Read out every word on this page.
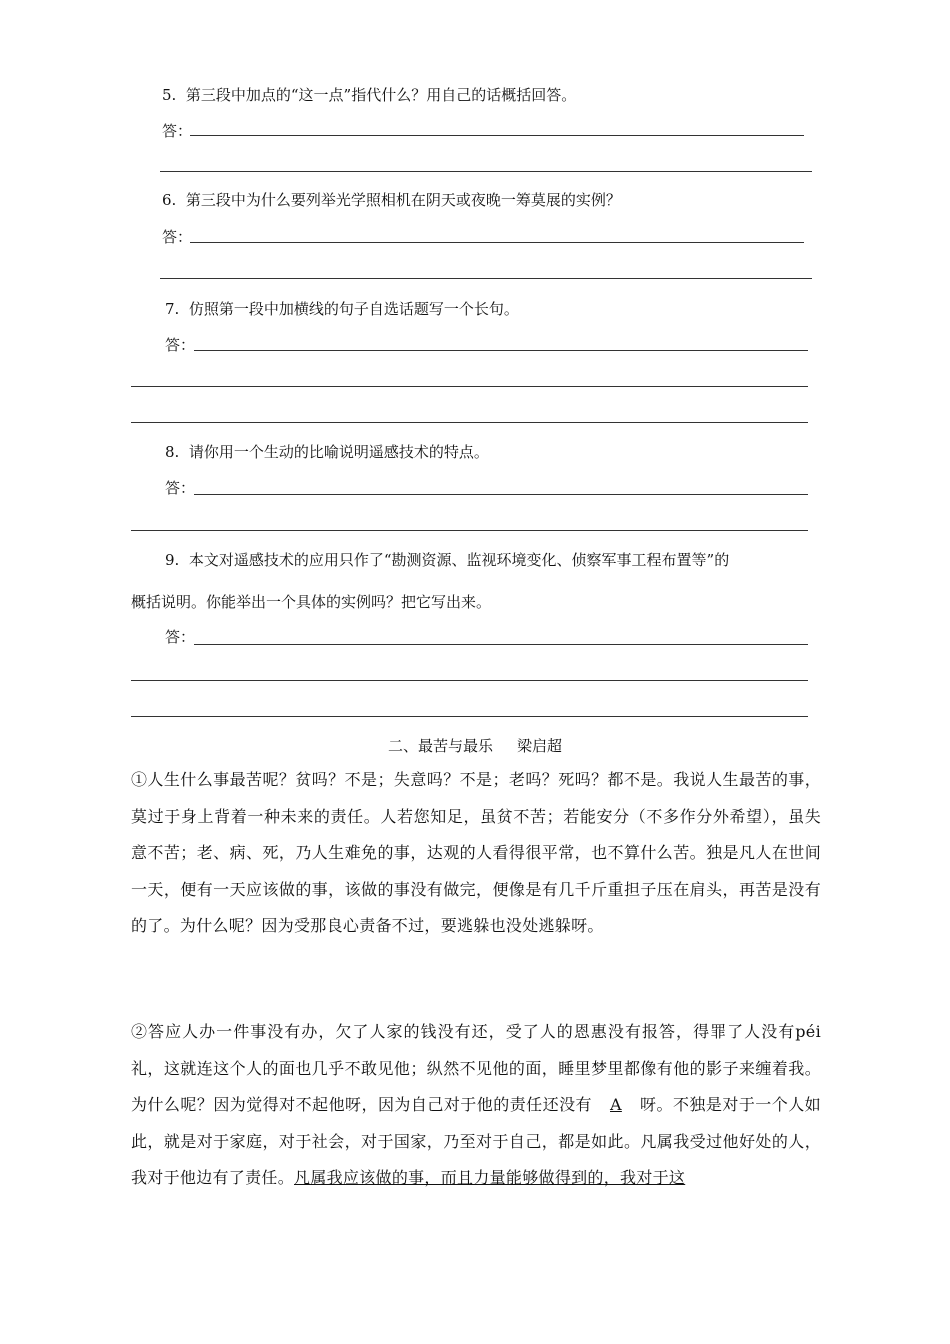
5. 第三段中加点的“这一点”指代什么？用自己的话概括回答。
答：
6. 第三段中为什么要列举光学照相机在阴天或夜晚一筹莫展的实例？
答：
7. 仿照第一段中加横线的句子自选话题写一个长句。
答：
8. 请你用一个生动的比喻说明遥感技术的特点。
答：
9. 本文对遥感技术的应用只作了“勘测资源、监视环境变化、侦察军事工程布置等”的
概括说明。你能举出一个具体的实例吗？把它写出来。
答：
二、最苦与最乐 梁启超
①人生什么事最苦呢？贫吗？不是；失意吗？不是；老吗？死吗？都不是。我说人生最苦的事，莫过于身上背着一种未来的责任。人若您知足，虽贫不苦；若能安分（不多作分外希望），虽失意不苦；老、病、死，乃人生难免的事，达观的人看得很平常，也不算什么苦。独是凡人在世间一天，便有一天应该做的事，该做的事没有做完，便像是有几千斤重担子压在肩头，再苦是没有的了。为什么呢？因为受那良心责备不过，要逃躲也没处逃躲呀。
②答应人办一件事没有办，欠了人家的钱没有还，受了人的恩惠没有报答，得罪了人没有péi礼，这就连这个人的面也几乎不敢见他；纵然不见他的面，睡里梦里都像有他的影子来缠着我。为什么呢？因为觉得对不起他呀，因为自己对于他的责任还没有 A 呀。不独是对于一个人如此，就是对于家庭，对于社会，对于国家，乃至对于自己，都是如此。凡属我受过他好处的人，我对于他边有了责任。凡属我应该做的事，而且力量能够做得到的，我对于这
